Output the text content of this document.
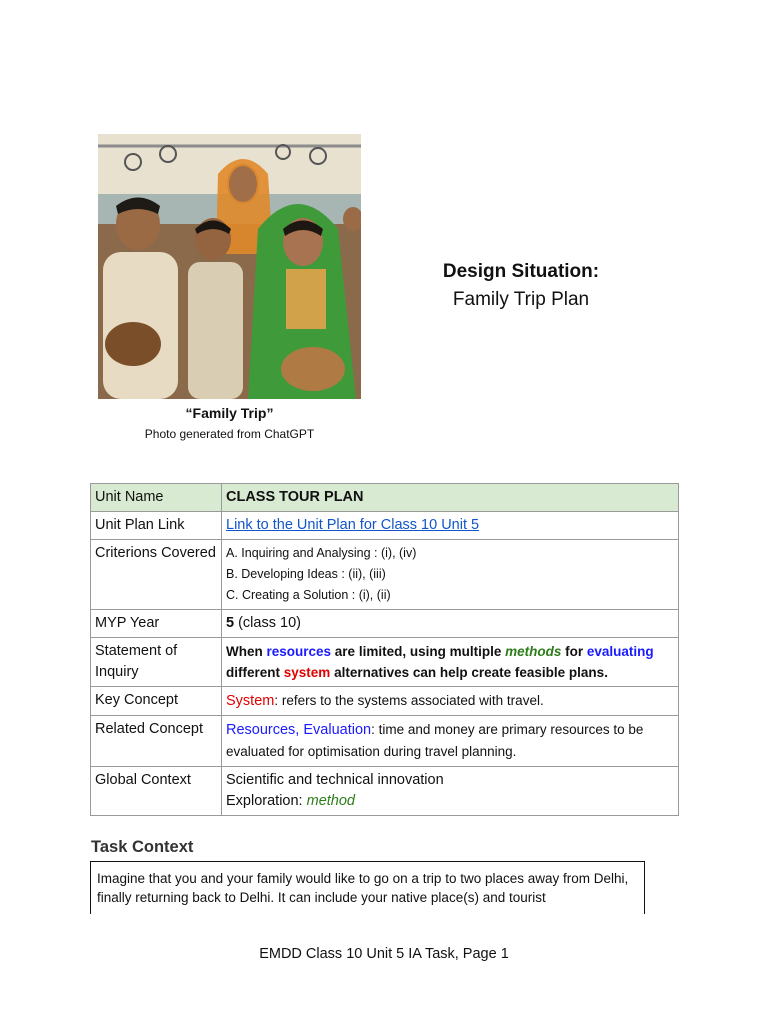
“Family Trip”
Photo generated from ChatGPT
Design Situation:
Family Trip Plan
Unit Name	CLASS TOUR PLAN
Unit Plan Link	Link to the Unit Plan for Class 10 Unit 5
Criterions Covered	A. Inquiring and Analysing : (i), (iv)
B. Developing Ideas : (ii), (iii)
C. Creating a Solution : (i), (ii)

MYP Year	5 (class 10)
Statement of Inquiry	When resources are limited, using multiple methods for evaluating different system alternatives can help create feasible plans.
Key Concept	System: refers to the systems associated with travel.
Related Concept	Resources, Evaluation: time and money are primary resources to be evaluated for optimisation during travel planning.
Global Context	Scientific and technical innovation
Exploration: method
Task Context
Imagine that you and your family would like to go on a trip to two places away from Delhi, finally returning back to Delhi. It can include your native place(s) and tourist
EMDD Class 10 Unit 5 IA Task, Page 1
